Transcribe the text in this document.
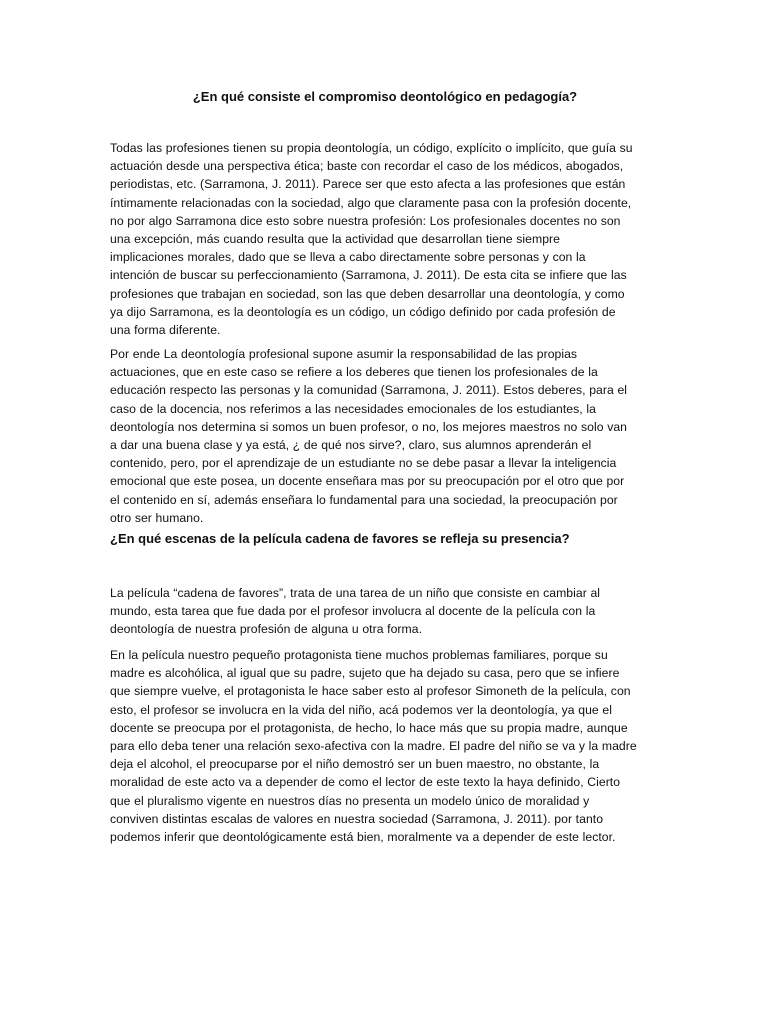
¿En qué consiste el compromiso deontológico en pedagogía?
Todas las profesiones tienen su propia deontología, un código, explícito o implícito, que guía su
actuación desde una perspectiva ética; baste con recordar el caso de los médicos, abogados,
periodistas, etc. (Sarramona, J. 2011). Parece ser que esto afecta a las profesiones que están
íntimamente relacionadas con la sociedad, algo que claramente pasa con la profesión docente,
no por algo Sarramona dice esto sobre nuestra profesión: Los profesionales docentes no son
una excepción, más cuando resulta que la actividad que desarrollan tiene siempre
implicaciones morales, dado que se lleva a cabo directamente sobre personas y con la
intención de buscar su perfeccionamiento (Sarramona, J. 2011). De esta cita se infiere que las
profesiones que trabajan en sociedad, son las que deben desarrollar una deontología, y como
ya dijo Sarramona, es la deontología es un código, un código definido por cada profesión de
una forma diferente.
Por ende La deontología profesional supone asumir la responsabilidad de las propias
actuaciones, que en este caso se refiere a los deberes que tienen los profesionales de la
educación respecto las personas y la comunidad (Sarramona, J. 2011). Estos deberes, para el
caso de la docencia, nos referimos a las necesidades emocionales de los estudiantes, la
deontología nos determina si somos un buen profesor, o no, los mejores maestros no solo van
a dar una buena clase y ya está, ¿ de qué nos sirve?, claro, sus alumnos aprenderán el
contenido, pero, por el aprendizaje de un estudiante no se debe pasar a llevar la inteligencia
emocional que este posea, un docente enseñara mas por su preocupación por el otro que por
el contenido en sí, además enseñara lo fundamental para una sociedad, la preocupación por
otro ser humano.
¿En qué escenas de la película cadena de favores se refleja su presencia?
La película “cadena de favores”, trata de una tarea de un niño que consiste en cambiar al
mundo, esta tarea que fue dada por el profesor involucra al docente de la película con la
deontología de nuestra profesión de alguna u otra forma.
En la película nuestro pequeño protagonista tiene muchos problemas familiares, porque su
madre es alcohólica, al igual que su padre, sujeto que ha dejado su casa, pero que se infiere
que siempre vuelve, el protagonista le hace saber esto al profesor Simoneth de la película, con
esto, el profesor se involucra en la vida del niño, acá podemos ver la deontología, ya que el
docente se preocupa por el protagonista, de hecho, lo hace más que su propia madre, aunque
para ello deba tener una relación sexo-afectiva con la madre. El padre del niño se va y la madre
deja el alcohol, el preocuparse por el niño demostró ser un buen maestro, no obstante, la
moralidad de este acto va a depender de como el lector de este texto la haya definido, Cierto
que el pluralismo vigente en nuestros días no presenta un modelo único de moralidad y
conviven distintas escalas de valores en nuestra sociedad (Sarramona, J. 2011). por tanto
podemos inferir que deontológicamente está bien, moralmente va a depender de este lector.
